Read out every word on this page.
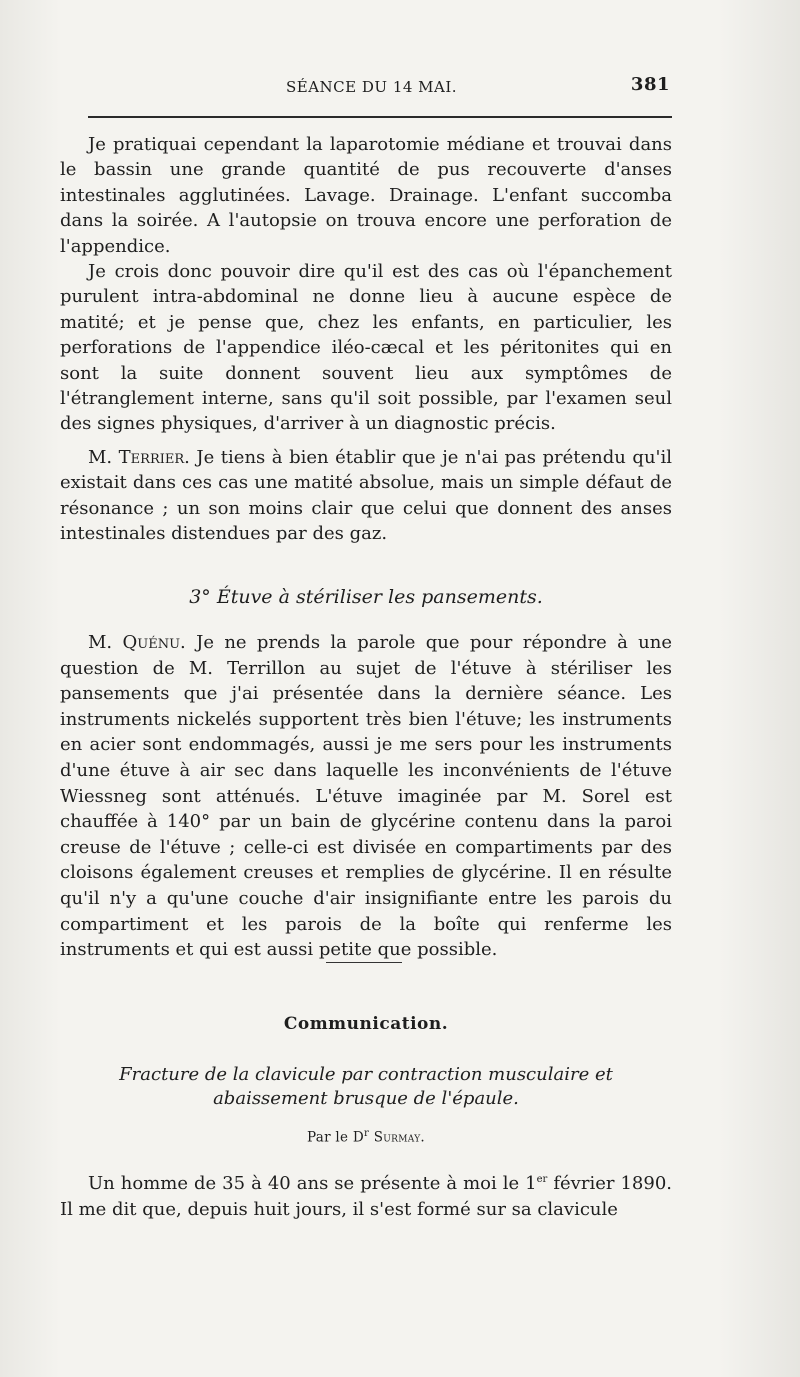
SÉANCE DU 14 MAI.	381

Je pratiquai cependant la laparotomie médiane et trouvai dans le bassin une grande quantité de pus recouverte d'anses intestinales agglutinées. Lavage. Drainage. L'enfant succomba dans la soirée. A l'autopsie on trouva encore une perforation de l'appendice.

Je crois donc pouvoir dire qu'il est des cas où l'épanchement purulent intra-abdominal ne donne lieu à aucune espèce de matité; et je pense que, chez les enfants, en particulier, les perforations de l'appendice iléo-cæcal et les péritonites qui en sont la suite donnent souvent lieu aux symptômes de l'étranglement interne, sans qu'il soit possible, par l'examen seul des signes physiques, d'arriver à un diagnostic précis.

M. Terrier. Je tiens à bien établir que je n'ai pas prétendu qu'il existait dans ces cas une matité absolue, mais un simple défaut de résonance ; un son moins clair que celui que donnent des anses intestinales distendues par des gaz.

3° Étuve à stériliser les pansements.

M. Quénu. Je ne prends la parole que pour répondre à une question de M. Terrillon au sujet de l'étuve à stériliser les pansements que j'ai présentée dans la dernière séance. Les instruments nickelés supportent très bien l'étuve; les instruments en acier sont endommagés, aussi je me sers pour les instruments d'une étuve à air sec dans laquelle les inconvénients de l'étuve Wiessneg sont atténués. L'étuve imaginée par M. Sorel est chauffée à 140° par un bain de glycérine contenu dans la paroi creuse de l'étuve ; celle-ci est divisée en compartiments par des cloisons également creuses et remplies de glycérine. Il en résulte qu'il n'y a qu'une couche d'air insignifiante entre les parois du compartiment et les parois de la boîte qui renferme les instruments et qui est aussi petite que possible.

Communication.
Fracture de la clavicule par contraction musculaire et abaissement brusque de l'épaule.
Par le $D^r$ Surmay.

Un homme de 35 à 40 ans se présente à moi le 1er février 1890. Il me dit que, depuis huit jours, il s'est formé sur sa clavicule
